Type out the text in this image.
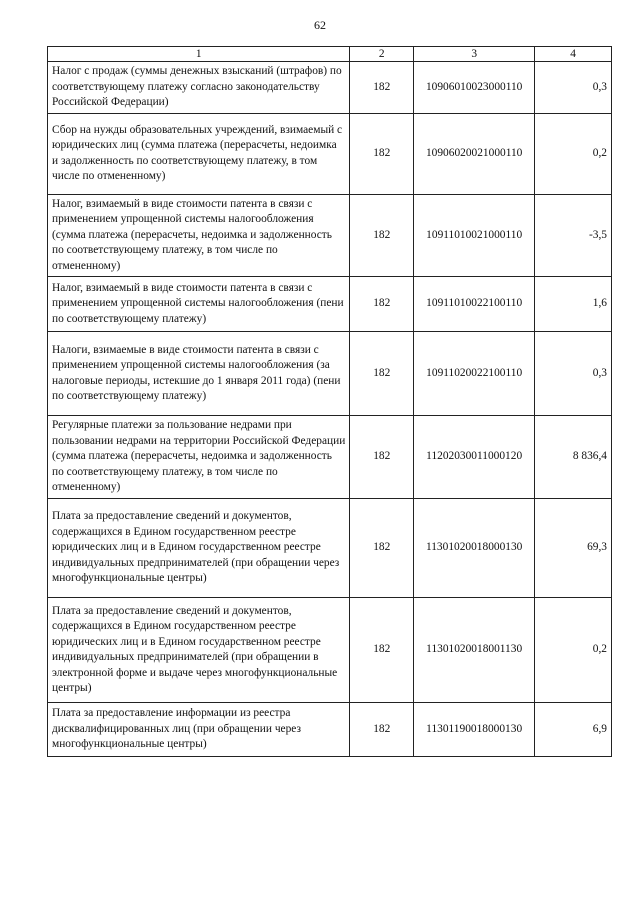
62
1	2	3	4
Налог с продаж (суммы денежных взысканий (штрафов) по соответствующему платежу согласно законодательству Российской Федерации)	182	10906010023000110	0,3
Сбор на нужды образовательных учреждений, взимаемый с юридических лиц (сумма платежа (перерасчеты, недоимка и задолженность по соответствующему платежу, в том числе по отмененному)	182	10906020021000110	0,2
Налог, взимаемый в виде стоимости патента в связи с применением упрощенной системы налогообложения (сумма платежа (перерасчеты, недоимка и задолженность по соответствующему платежу, в том числе по отмененному)	182	10911010021000110	-3,5
Налог, взимаемый в виде стоимости патента в связи с применением упрощенной системы налогообложения (пени по соответствующему платежу)	182	10911010022100110	1,6
Налоги, взимаемые в виде стоимости патента в связи с применением упрощенной системы налогообложения (за налоговые периоды, истекшие до 1 января 2011 года) (пени по соответствующему платежу)	182	10911020022100110	0,3
Регулярные платежи за пользование недрами при пользовании недрами на территории Российской Федерации (сумма платежа (перерасчеты, недоимка и задолженность по соответствующему платежу, в том числе по отмененному)	182	11202030011000120	8 836,4
Плата за предоставление сведений и документов, содержащихся в Едином государственном реестре юридических лиц и в Едином государственном реестре индивидуальных предпринимателей (при обращении через многофункциональные центры)	182	11301020018000130	69,3
Плата за предоставление сведений и документов, содержащихся в Едином государственном реестре юридических лиц и в Едином государственном реестре индивидуальных предпринимателей (при обращении в электронной форме и выдаче через многофункциональные центры)	182	11301020018001130	0,2
Плата за предоставление информации из реестра дисквалифицированных лиц (при обращении через многофункциональные центры)	182	11301190018000130	6,9
